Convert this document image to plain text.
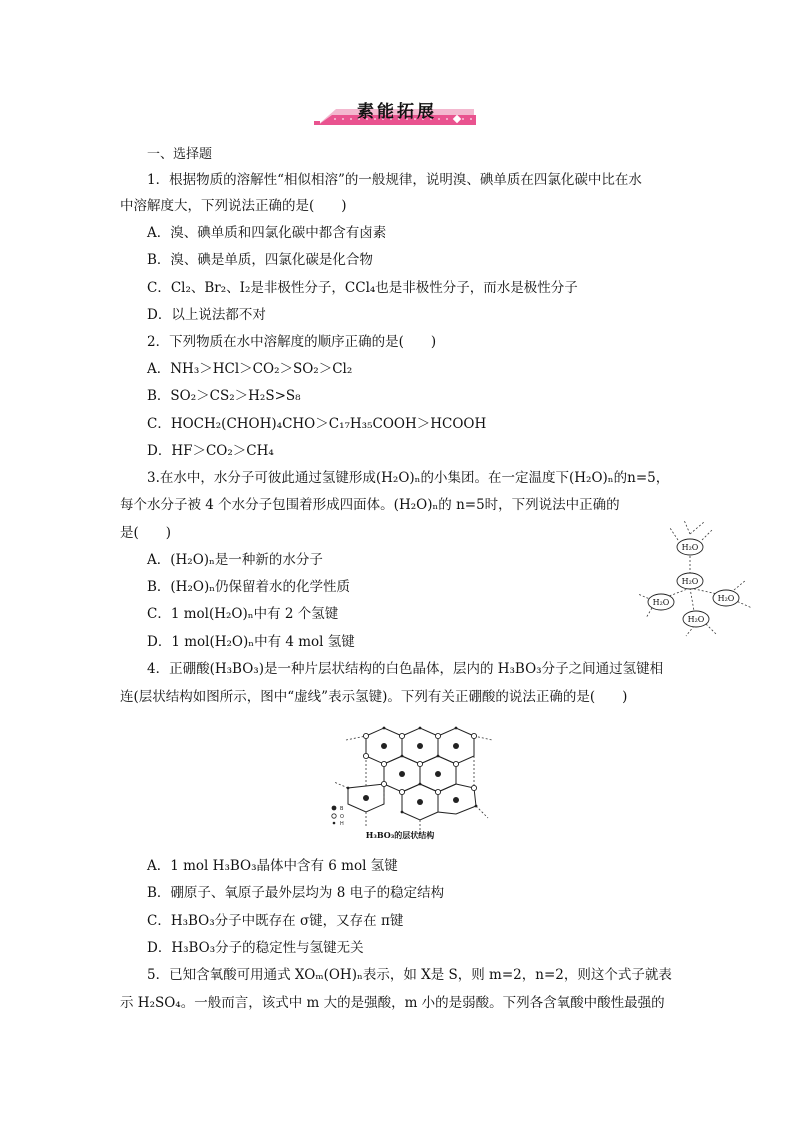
素能拓展
一、选择题
1．根据物质的溶解性“相似相溶”的一般规律，说明溴、碘单质在四氯化碳中比在水
中溶解度大，下列说法正确的是(　　)
A．溴、碘单质和四氯化碳中都含有卤素
B．溴、碘是单质，四氯化碳是化合物
C．Cl₂、Br₂、I₂是非极性分子，CCl₄也是非极性分子，而水是极性分子
D．以上说法都不对
2．下列物质在水中溶解度的顺序正确的是(　　)
A．NH₃＞HCl＞CO₂＞SO₂＞Cl₂
B．SO₂＞CS₂＞H₂S>S₈
C．HOCH₂(CHOH)₄CHO＞C₁₇H₃₅COOH＞HCOOH
D．HF＞CO₂＞CH₄
3.在水中，水分子可彼此通过氢键形成(H₂O)ₙ的小集团。在一定温度下(H₂O)ₙ的n=5，
每个水分子被 4 个水分子包围着形成四面体。(H₂O)ₙ的 n=5时，下列说法中正确的
是(　　)
A．(H₂O)ₙ是一种新的水分子
B．(H₂O)ₙ仍保留着水的化学性质
C．1 mol(H₂O)ₙ中有 2 个氢键
D．1 mol(H₂O)ₙ中有 4 mol 氢键
H₂O
H₂O
H₂O	H₂O
H₂O
4．正硼酸(H₃BO₃)是一种片层状结构的白色晶体，层内的 H₃BO₃分子之间通过氢键相
连(层状结构如图所示，图中“虚线”表示氢键)。下列有关正硼酸的说法正确的是(　　)
B
O
H
H₃BO₃的层状结构
A．1 mol H₃BO₃晶体中含有 6 mol 氢键
B．硼原子、氧原子最外层均为 8 电子的稳定结构
C．H₃BO₃分子中既存在 σ键，又存在 π键
D．H₃BO₃分子的稳定性与氢键无关
5．已知含氧酸可用通式 XOₘ(OH)ₙ表示，如 X是 S，则 m=2，n=2，则这个式子就表
示 H₂SO₄。一般而言，该式中 m 大的是强酸，m 小的是弱酸。下列各含氧酸中酸性最强的
